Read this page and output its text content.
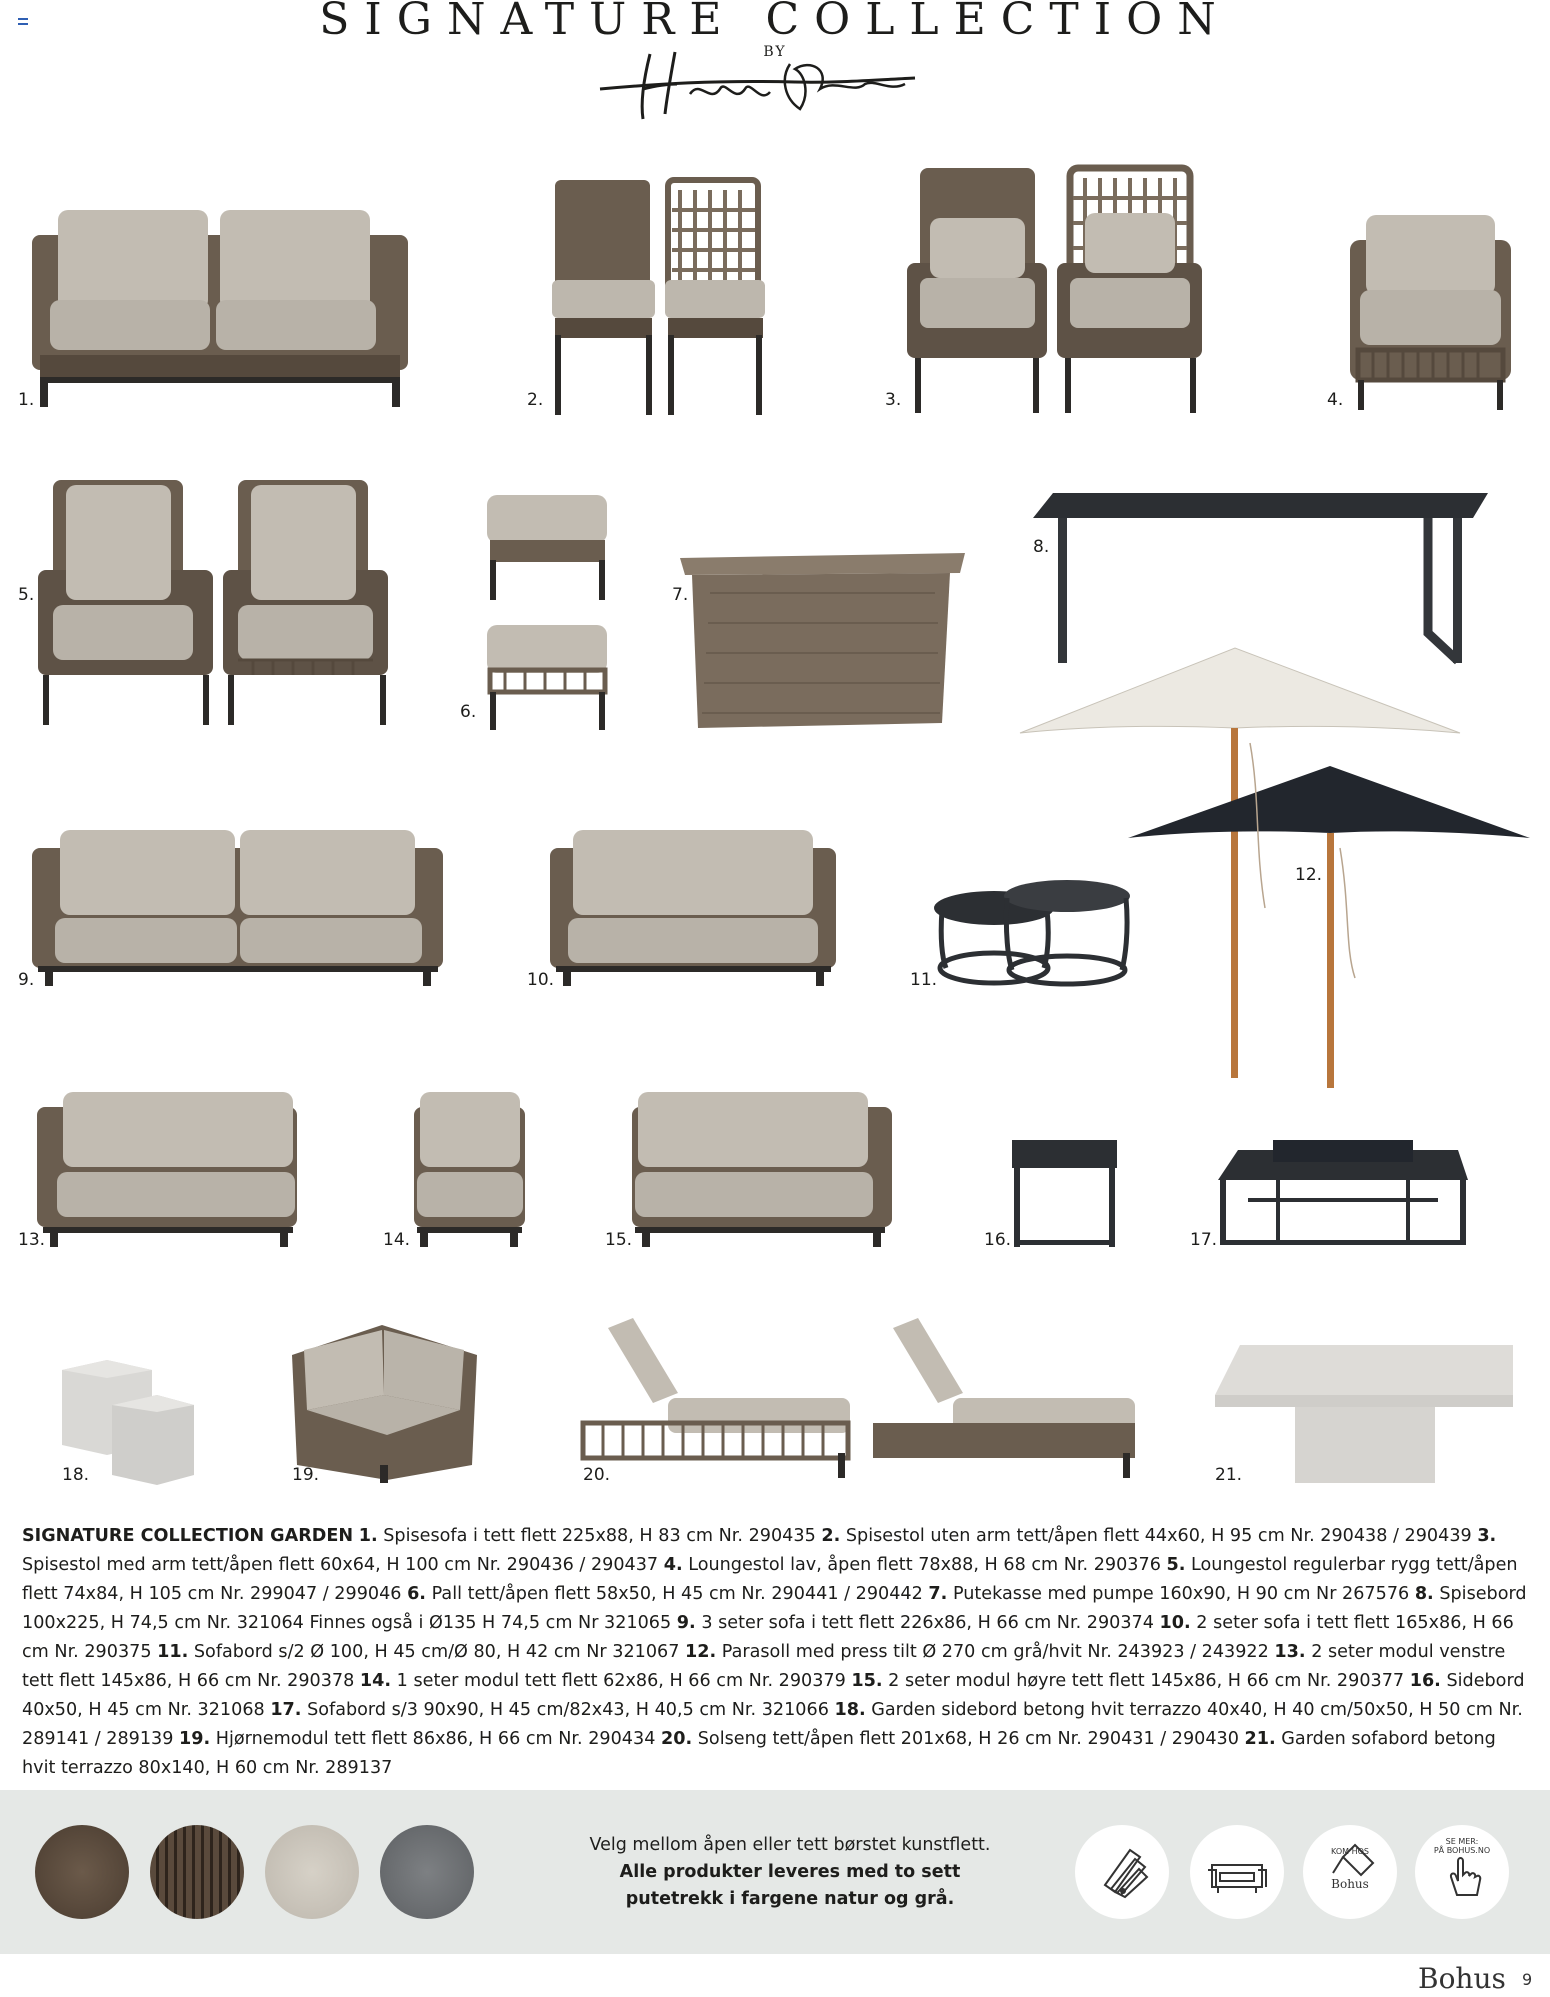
SIGNATURE COLLECTION
BY
1.	2.	3.	4.
5.
6.
7.
8.
9.	10.	11.
12.
13.	14.	15.	16.	17.
18.	19.	20.	21.
SIGNATURE COLLECTION GARDEN 1. Spisesofa i tett flett 225x88, H 83 cm Nr. 290435 2. Spisestol uten arm tett/åpen flett 44x60, H 95 cm Nr. 290438 / 290439 3. Spisestol med arm tett/åpen flett 60x64, H 100 cm Nr. 290436 / 290437 4. Loungestol lav, åpen flett 78x88, H 68 cm Nr. 290376 5. Loungestol regulerbar rygg tett/åpen flett 74x84, H 105 cm Nr. 299047 / 299046 6. Pall tett/åpen flett 58x50, H 45 cm Nr. 290441 / 290442 7. Putekasse med pumpe 160x90, H 90 cm Nr 267576 8. Spisebord 100x225, H 74,5 cm Nr. 321064 Finnes også i Ø135 H 74,5 cm Nr 321065 9. 3 seter sofa i tett flett 226x86, H 66 cm Nr. 290374 10. 2 seter sofa i tett flett 165x86, H 66 cm Nr. 290375 11. Sofabord s/2 Ø 100, H 45 cm/Ø 80, H 42 cm Nr 321067 12. Parasoll med press tilt Ø 270 cm grå/hvit Nr. 243923 / 243922 13. 2 seter modul venstre tett flett 145x86, H 66 cm Nr. 290378 14. 1 seter modul tett flett 62x86, H 66 cm Nr. 290379 15. 2 seter modul høyre tett flett 145x86, H 66 cm Nr. 290377 16. Sidebord 40x50, H 45 cm Nr. 321068 17. Sofabord s/3 90x90, H 45 cm/82x43, H 40,5 cm Nr. 321066 18. Garden sidebord betong hvit terrazzo 40x40, H 40 cm/50x50, H 50 cm Nr. 289141 / 289139 19. Hjørnemodul tett flett 86x86, H 66 cm Nr. 290434 20. Solseng tett/åpen flett 201x68, H 26 cm Nr. 290431 / 290430 21. Garden sofabord betong hvit terrazzo 80x140, H 60 cm Nr. 289137
Velg mellom åpen eller tett børstet kunstflett.
Alle produkter leveres med to sett
putetrekk i fargene natur og grå.
KOM HOS
Bohus
SE MER:
PÅ BOHUS.NO
Bohus 9
